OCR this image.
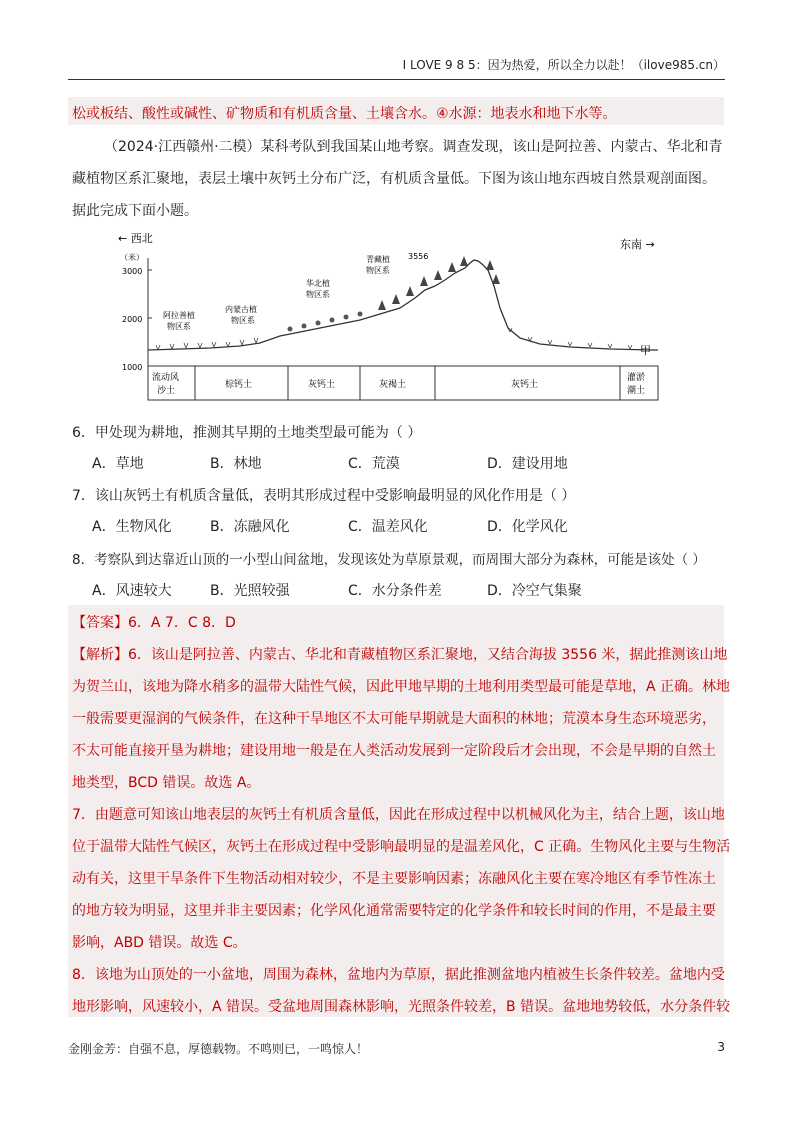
I LOVE 9 8 5：因为热爱，所以全力以赴！（ilove985.cn）
松或板结、酸性或碱性、矿物质和有机质含量、土壤含水。④水源：地表水和地下水等。
（2024·江西赣州·二模）某科考队到我国某山地考察。调查发现，该山是阿拉善、内蒙古、华北和青
藏植物区系汇聚地，表层土壤中灰钙土分布广泛，有机质含量低。下图为该山地东西坡自然景观剖面图。
据此完成下面小题。
← 西北	东南 →
（米）
3000
2000
1000
阿拉善植
物区系
内蒙古植
物区系
华北植
物区系
青藏植
物区系
3556
甲
流动风
沙土
棕钙土	灰钙土	灰褐土	灰钙土
灌淤
潮土
6．甲处现为耕地，推测其早期的土地类型最可能为（ ）
A．草地	B．林地	C．荒漠	D．建设用地
7．该山灰钙土有机质含量低，表明其形成过程中受影响最明显的风化作用是（ ）
A．生物风化	B．冻融风化	C．温差风化	D．化学风化
8．考察队到达靠近山顶的一小型山间盆地，发现该处为草原景观，而周围大部分为森林，可能是该处（ ）
A．风速较大	B．光照较强	C．水分条件差	D．冷空气集聚
【答案】6．A 7．C 8．D
【解析】6．该山是阿拉善、内蒙古、华北和青藏植物区系汇聚地，又结合海拔 3556 米，据此推测该山地
为贺兰山，该地为降水稍多的温带大陆性气候，因此甲地早期的土地利用类型最可能是草地，A 正确。林地
一般需要更湿润的气候条件，在这种干旱地区不太可能早期就是大面积的林地；荒漠本身生态环境恶劣，
不太可能直接开垦为耕地；建设用地一般是在人类活动发展到一定阶段后才会出现，不会是早期的自然土
地类型，BCD 错误。故选 A。
7．由题意可知该山地表层的灰钙土有机质含量低，因此在形成过程中以机械风化为主，结合上题，该山地
位于温带大陆性气候区，灰钙土在形成过程中受影响最明显的是温差风化，C 正确。生物风化主要与生物活
动有关，这里干旱条件下生物活动相对较少，不是主要影响因素；冻融风化主要在寒冷地区有季节性冻土
的地方较为明显，这里并非主要因素；化学风化通常需要特定的化学条件和较长时间的作用，不是最主要
影响，ABD 错误。故选 C。
8．该地为山顶处的一小盆地，周围为森林，盆地内为草原，据此推测盆地内植被生长条件较差。盆地内受
地形影响，风速较小，A 错误。受盆地周围森林影响，光照条件较差，B 错误。盆地地势较低，水分条件较
金刚金芳：自强不息，厚德载物。不鸣则已，一鸣惊人！	3
